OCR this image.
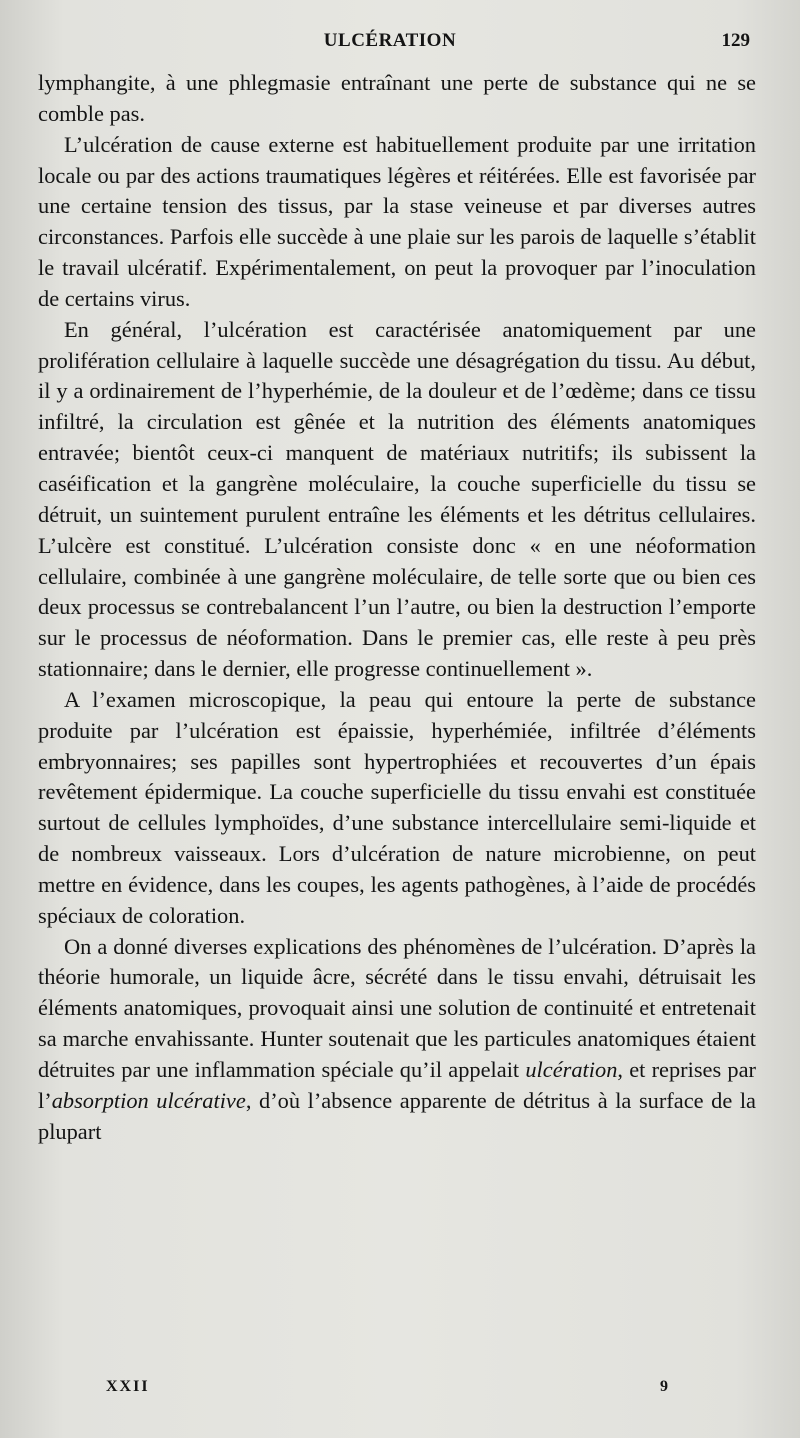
ULCÉRATION	129

lymphangite, à une phlegmasie entraînant une perte de substance qui ne se comble pas.

L’ulcération de cause externe est habituellement produite par une irritation locale ou par des actions traumatiques légères et réitérées. Elle est favorisée par une certaine tension des tissus, par la stase veineuse et par diverses autres circonstances. Parfois elle succède à une plaie sur les parois de laquelle s’établit le travail ulcératif. Expérimentalement, on peut la provoquer par l’inoculation de certains virus.

En général, l’ulcération est caractérisée anatomiquement par une prolifération cellulaire à laquelle succède une désagrégation du tissu. Au début, il y a ordinairement de l’hyperhémie, de la douleur et de l’œdème; dans ce tissu infiltré, la circulation est gênée et la nutrition des éléments anatomiques entravée; bientôt ceux-ci manquent de matériaux nutritifs; ils subissent la caséification et la gangrène moléculaire, la couche superficielle du tissu se détruit, un suintement purulent entraîne les éléments et les détritus cellulaires. L’ulcère est constitué. L’ulcération consiste donc « en une néoformation cellulaire, combinée à une gangrène moléculaire, de telle sorte que ou bien ces deux processus se contrebalancent l’un l’autre, ou bien la destruction l’emporte sur le processus de néoformation. Dans le premier cas, elle reste à peu près stationnaire; dans le dernier, elle progresse continuellement ».

A l’examen microscopique, la peau qui entoure la perte de substance produite par l’ulcération est épaissie, hyperhémiée, infiltrée d’éléments embryonnaires; ses papilles sont hypertrophiées et recouvertes d’un épais revêtement épidermique. La couche superficielle du tissu envahi est constituée surtout de cellules lymphoïdes, d’une substance intercellulaire semi-liquide et de nombreux vaisseaux. Lors d’ulcération de nature microbienne, on peut mettre en évidence, dans les coupes, les agents pathogènes, à l’aide de procédés spéciaux de coloration.

On a donné diverses explications des phénomènes de l’ulcération. D’après la théorie humorale, un liquide âcre, sécrété dans le tissu envahi, détruisait les éléments anatomiques, provoquait ainsi une solution de continuité et entretenait sa marche envahissante. Hunter soutenait que les particules anatomiques étaient détruites par une inflammation spéciale qu’il appelait ulcération, et reprises par l’absorption ulcérative, d’où l’absence apparente de détritus à la surface de la plupart

XXII	9
